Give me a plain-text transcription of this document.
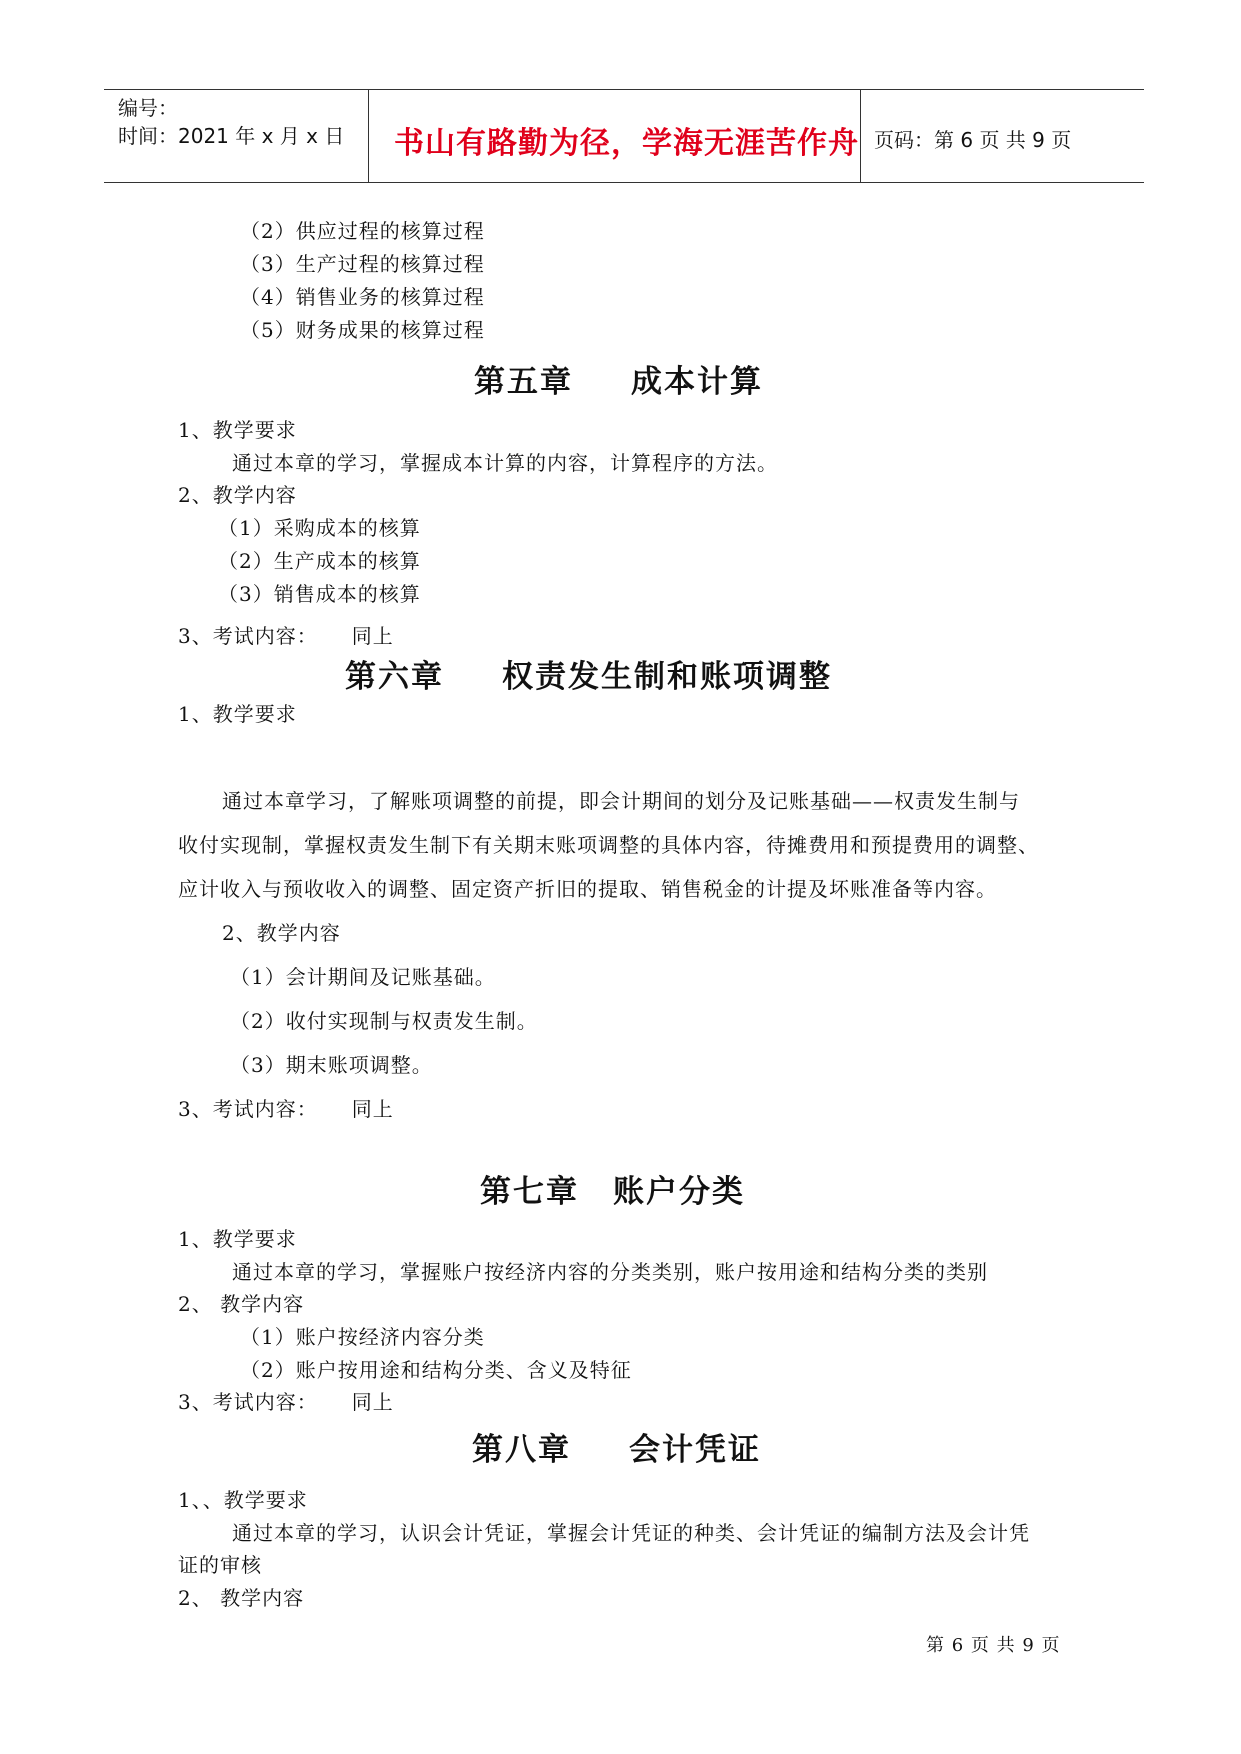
编号：
时间：2021 年 x 月 x 日 书山有路勤为径，学海无涯苦作舟 页码：第 6 页 共 9 页
（2）供应过程的核算过程
（3）生产过程的核算过程
（4）销售业务的核算过程
（5）财务成果的核算过程
第五章 成本计算
1、教学要求
通过本章的学习，掌握成本计算的内容，计算程序的方法。
2、教学内容
（1）采购成本的核算
（2）生产成本的核算
（3）销售成本的核算
3、考试内容： 同上
第六章 权责发生制和账项调整
1、教学要求
通过本章学习，了解账项调整的前提，即会计期间的划分及记账基础——权责发生制与
收付实现制，掌握权责发生制下有关期末账项调整的具体内容，待摊费用和预提费用的调整、
应计收入与预收收入的调整、固定资产折旧的提取、销售税金的计提及坏账准备等内容。
2、教学内容
（1）会计期间及记账基础。
（2）收付实现制与权责发生制。
（3）期末账项调整。
3、考试内容： 同上
第七章 账户分类
1、教学要求
通过本章的学习，掌握账户按经济内容的分类类别，账户按用途和结构分类的类别
2、 教学内容
（1）账户按经济内容分类
（2）账户按用途和结构分类、含义及特征
3、考试内容： 同上
第八章 会计凭证
1、、教学要求
通过本章的学习，认识会计凭证，掌握会计凭证的种类、会计凭证的编制方法及会计凭
证的审核
2、 教学内容
第 6 页 共 9 页
